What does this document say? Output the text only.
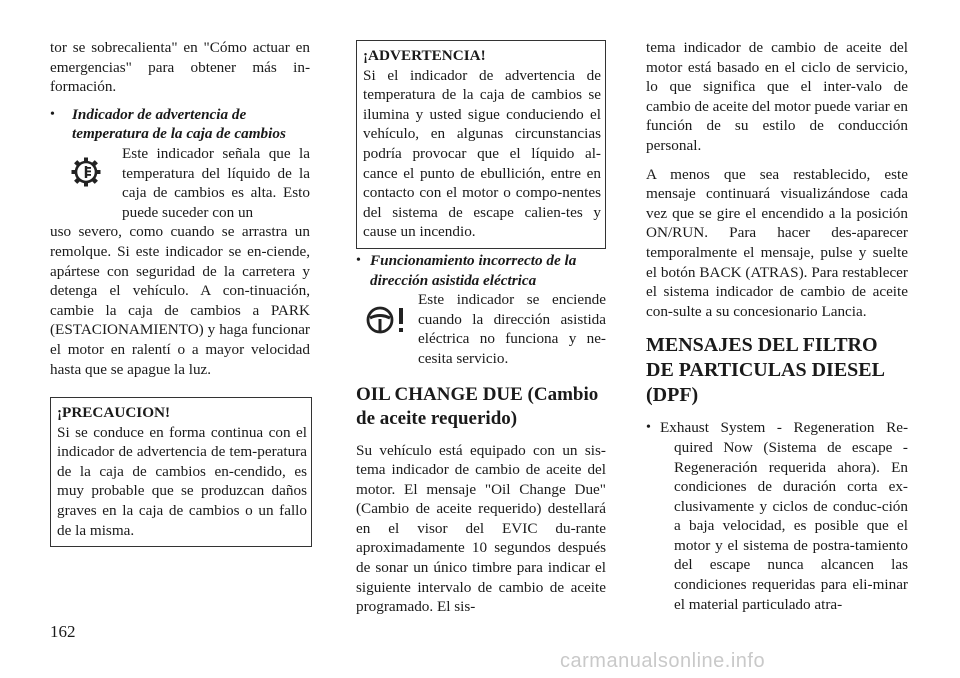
tor se sobrecalienta" en "Cómo actuar en emergencias" para obtener más in-formación.

•	Indicador de advertencia de temperatura de la caja de cambios

Este indicador señala que la temperatura del líquido de la caja de cambios es alta. Esto puede suceder con un

uso severo, como cuando se arrastra un remolque. Si este indicador se en-ciende, apártese con seguridad de la carretera y detenga el vehículo. A con-tinuación, cambie la caja de cambios a PARK (ESTACIONAMIENTO) y haga funcionar el motor en ralentí o a mayor velocidad hasta que se apague la luz.

¡PRECAUCION!

Si se conduce en forma continua con el indicador de advertencia de tem-peratura de la caja de cambios en-cendido, es muy probable que se produzcan daños graves en la caja de cambios o un fallo de la misma.

¡ADVERTENCIA!

Si el indicador de advertencia de temperatura de la caja de cambios se ilumina y usted sigue conduciendo el vehículo, en algunas circunstancias podría provocar que el líquido al-cance el punto de ebullición, entre en contacto con el motor o compo-nentes del sistema de escape calien-tes y cause un incendio.

• Funcionamiento incorrecto de la dirección asistida eléctrica

Este indicador se enciende cuando la dirección asistida eléctrica no funciona y ne-cesita servicio.

OIL CHANGE DUE (Cambio de aceite requerido)

Su vehículo está equipado con un sis-tema indicador de cambio de aceite del motor. El mensaje "Oil Change Due" (Cambio de aceite requerido) destellará en el visor del EVIC du-rante aproximadamente 10 segundos después de sonar un único timbre para indicar el siguiente intervalo de cambio de aceite programado. El sis-

tema indicador de cambio de aceite del motor está basado en el ciclo de servicio, lo que significa que el inter-valo de cambio de aceite del motor puede variar en función de su estilo de conducción personal.

A menos que sea restablecido, este mensaje continuará visualizándose cada vez que se gire el encendido a la posición ON/RUN. Para hacer des-aparecer temporalmente el mensaje, pulse y suelte el botón BACK (ATRAS). Para restablecer el sistema indicador de cambio de aceite con-sulte a su concesionario Lancia.

MENSAJES DEL FILTRO DE PARTICULAS DIESEL (DPF)
• Exhaust System - Regeneration Re-quired Now (Sistema de escape - Regeneración requerida ahora). En condiciones de duración corta ex-clusivamente y ciclos de conduc-ción a baja velocidad, es posible que el motor y el sistema de postra-tamiento del escape nunca alcancen las condiciones requeridas para eli-minar el material particulado atra-
162
carmanualsonline.info
